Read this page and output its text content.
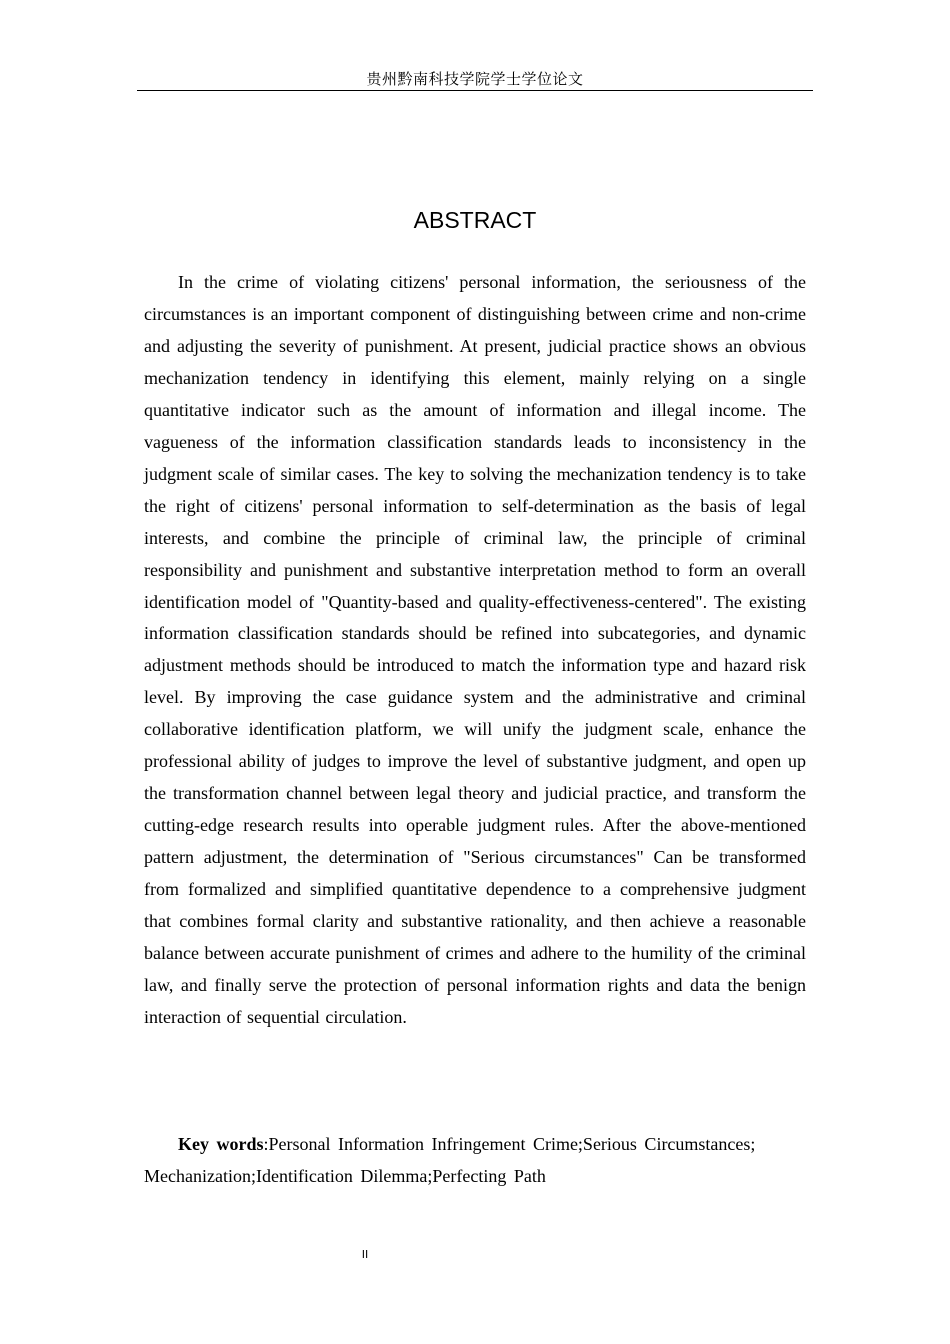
贵州黔南科技学院学士学位论文
ABSTRACT

In the crime of violating citizens' personal information, the seriousness of the circumstances is an important component of distinguishing between crime and non-crime and adjusting the severity of punishment. At present, judicial practice shows an obvious mechanization tendency in identifying this element, mainly relying on a single quantitative indicator such as the amount of information and illegal income. The vagueness of the information classification standards leads to inconsistency in the judgment scale of similar cases. The key to solving the mechanization tendency is to take the right of citizens' personal information to self-determination as the basis of legal interests, and combine the principle of criminal law, the principle of criminal responsibility and punishment and substantive interpretation method to form an overall identification model of "Quantity-based and quality-effectiveness-centered". The existing information classification standards should be refined into subcategories, and dynamic adjustment methods should be introduced to match the information type and hazard risk level. By improving the case guidance system and the administrative and criminal collaborative identification platform, we will unify the judgment scale, enhance the professional ability of judges to improve the level of substantive judgment, and open up the transformation channel between legal theory and judicial practice, and transform the cutting-edge research results into operable judgment rules. After the above-mentioned pattern adjustment, the determination of "Serious circumstances" Can be transformed from formalized and simplified quantitative dependence to a comprehensive judgment that combines formal clarity and substantive rationality, and then achieve a reasonable balance between accurate punishment of crimes and adhere to the humility of the criminal law, and finally serve the protection of personal information rights and data the benign interaction of sequential circulation.

Key words:Personal Information Infringement Crime;Serious Circumstances; Mechanization;Identification Dilemma;Perfecting Path

II
